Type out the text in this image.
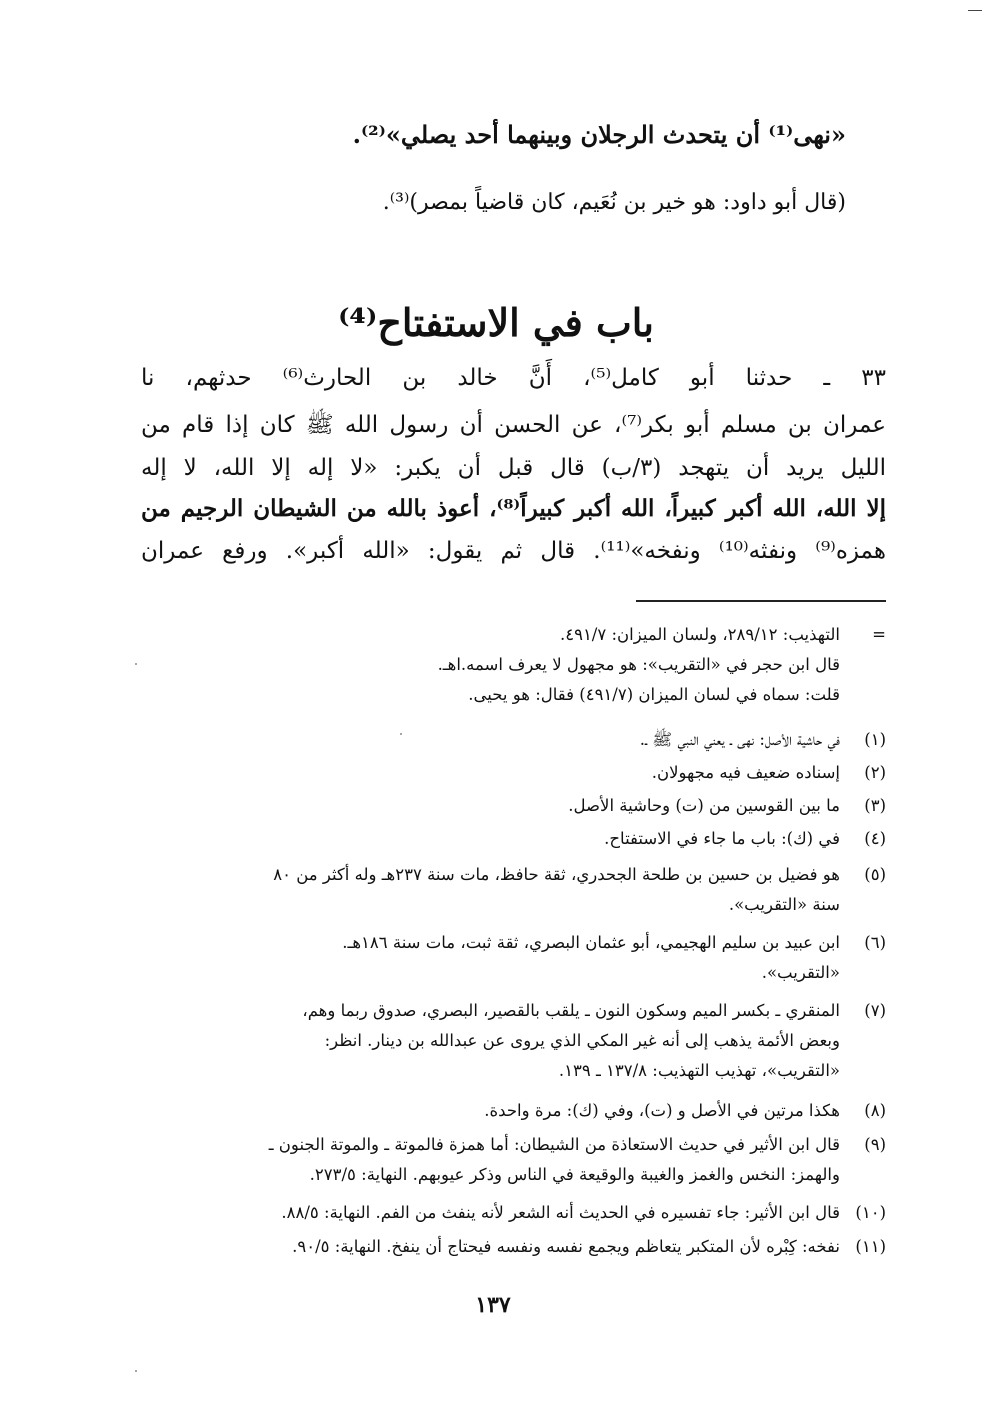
«نهى⁽¹⁾ أن يتحدث الرجلان وبينهما أحد يصلي»⁽²⁾.
(قال أبو داود: هو خير بن نُعَيم، كان قاضياً بمصر)⁽³⁾.
باب في الاستفتاح⁽⁴⁾
٣٣ ـ حدثنا أبو كامل⁽⁵⁾، أَنَّ خالد بن الحارث⁽⁶⁾ حدثهم، نا
عمران بن مسلم أبو بكر⁽⁷⁾، عن الحسن أن رسول الله ﷺ كان إذا قام من
الليل يريد أن يتهجد (٣/ب) قال قبل أن يكبر: «لا إله إلا الله، لا إله
إلا الله، الله أكبر كبيراً، الله أكبر كبيراً⁽⁸⁾، أعوذ بالله من الشيطان الرجيم من
همزه⁽⁹⁾ ونفثه⁽¹⁰⁾ ونفخه»⁽¹¹⁾. قال ثم يقول: «الله أكبر». ورفع عمران
=
التهذيب: ٢٨٩/١٢، ولسان الميزان: ٤٩١/٧.
قال ابن حجر في «التقريب»: هو مجهول لا يعرف اسمه.اهـ.
قلت: سماه في لسان الميزان (٤٩١/٧) فقال: هو يحيى.
(١)
في حاشية الأصل: نهى ـ يعني النبي ﷺ ـ.
(٢)
إسناده ضعيف فيه مجهولان.
(٣)
ما بين القوسين من (ت) وحاشية الأصل.
(٤)
في (ك): باب ما جاء في الاستفتاح.
(٥)
هو فضيل بن حسين بن طلحة الجحدري، ثقة حافظ، مات سنة ٢٣٧هـ وله أكثر من ٨٠
سنة «التقريب».
(٦)
ابن عبيد بن سليم الهجيمي، أبو عثمان البصري، ثقة ثبت، مات سنة ١٨٦هـ.
«التقريب».
(٧)
المنقري ـ بكسر الميم وسكون النون ـ يلقب بالقصير، البصري، صدوق ربما وهم،
وبعض الأئمة يذهب إلى أنه غير المكي الذي يروى عن عبدالله بن دينار. انظر:
«التقريب»، تهذيب التهذيب: ١٣٧/٨ ـ ١٣٩.
(٨)
هكذا مرتين في الأصل و (ت)، وفي (ك): مرة واحدة.
(٩)
قال ابن الأثير في حديث الاستعاذة من الشيطان: أما همزة فالموتة ـ والموتة الجنون ـ
والهمز: النخس والغمز والغيبة والوقيعة في الناس وذكر عيوبهم. النهاية: ٢٧٣/٥.
(١٠)
قال ابن الأثير: جاء تفسيره في الحديث أنه الشعر لأنه ينفث من الفم. النهاية: ٨٨/٥.
(١١)
نفخه: كِبْره لأن المتكبر يتعاظم ويجمع نفسه ونفسه فيحتاج أن ينفخ. النهاية: ٩٠/٥.
١٣٧
